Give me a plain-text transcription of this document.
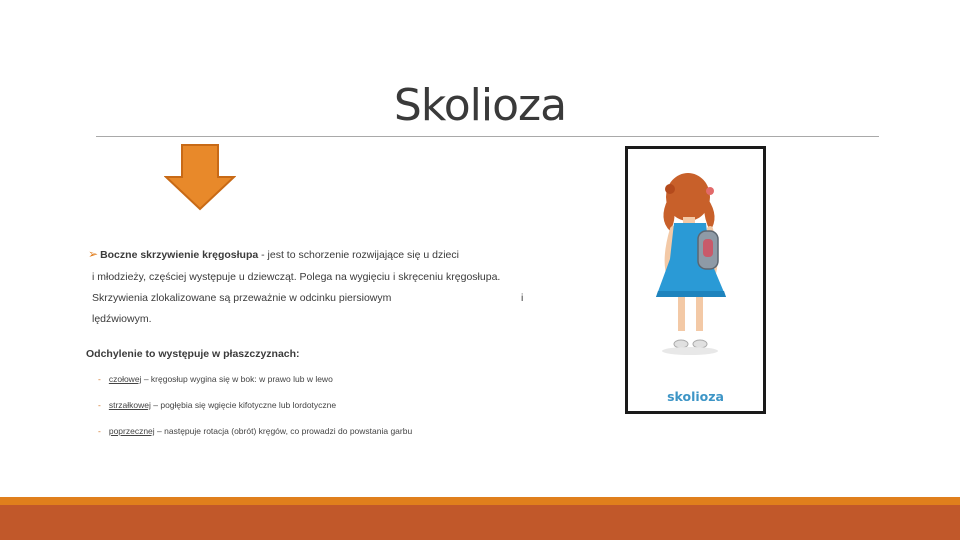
Skolioza
➢ Boczne skrzywienie kręgosłupa - jest to schorzenie rozwijające się u dzieci
i młodzieży, częściej występuje u dziewcząt. Polega na wygięciu i skręceniu kręgosłupa.
Skrzywienia zlokalizowane są przeważnie w odcinku piersiowym	i
lędźwiowym.
Odchylenie to występuje w płaszczyznach:
- czołowej – kręgosłup wygina się w bok: w prawo lub w lewo
- strzałkowej – pogłębia się wgięcie kifotyczne lub lordotyczne
- poprzecznej – następuje rotacja (obrót) kręgów, co prowadzi do powstania garbu
skolioza
